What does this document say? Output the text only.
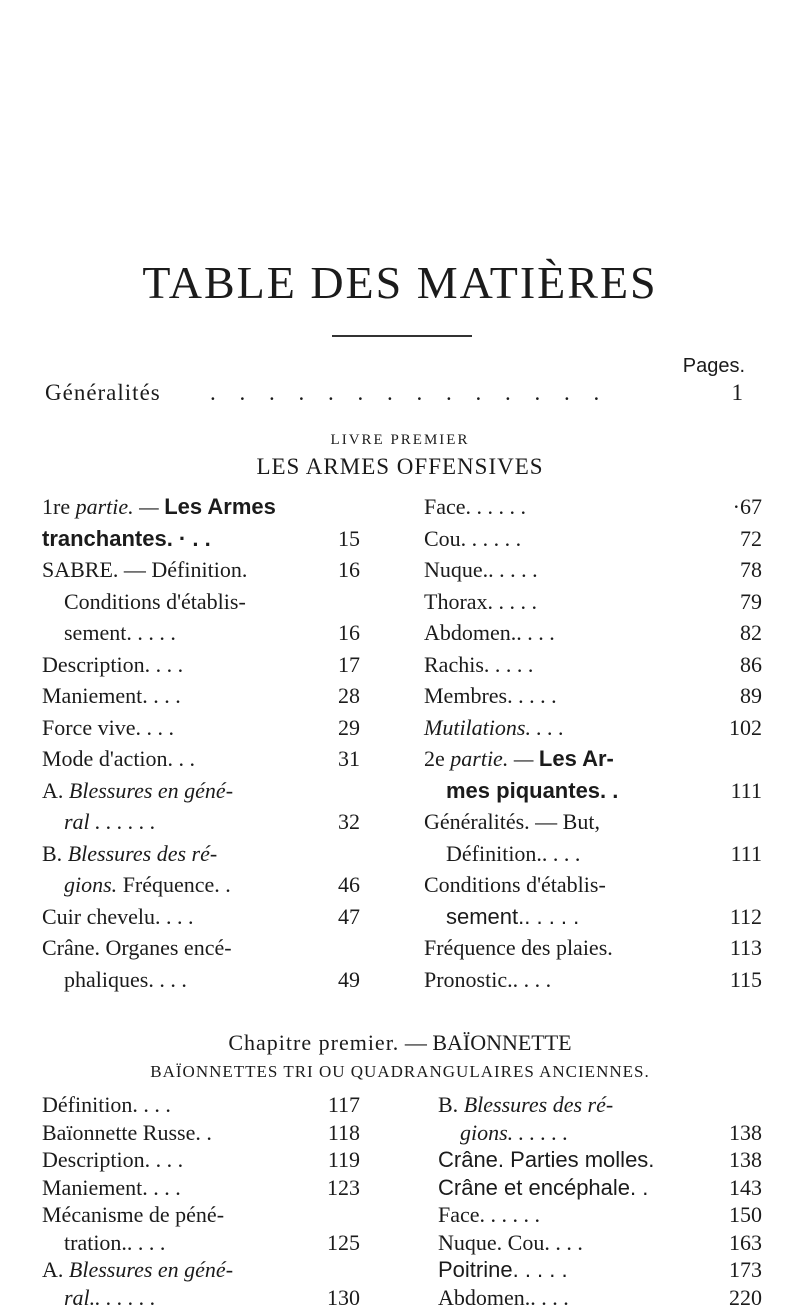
TABLE DES MATIÈRES
Pages.
Généralités . . . . . . . . . . . . . .	1
LIVRE PREMIER
LES ARMES OFFENSIVES
1re partie. — Les Armes
tranchantes. · . .	15
SABRE. — Définition.	16
Conditions d'établis-
sement. . . . .	16
Description. . . .	17
Maniement. . . .	28
Force vive. . . .	29
Mode d'action. . .	31
A. Blessures en géné-
ral . . . . . .	32
B. Blessures des ré-
gions. Fréquence. .	46
Cuir chevelu. . . .	47
Crâne. Organes encé-
phaliques. . . .	49
Face. . . . . .	·67
Cou. . . . . .	72
Nuque.. . . . .	78
Thorax. . . . .	79
Abdomen.. . . .	82
Rachis. . . . .	86
Membres. . . . .	89
Mutilations. . . .	102
2e partie. — Les Ar-
mes piquantes. .	111
Généralités. — But,
Définition.. . . .	111
Conditions d'établis-
sement.. . . . .	112
Fréquence des plaies.	113
Pronostic.. . . .	115
Chapitre premier. — BAÏONNETTE
BAÏONNETTES TRI OU QUADRANGULAIRES ANCIENNES.
Définition. . . .	117
Baïonnette Russe. .	118
Description. . . .	119
Maniement. . . .	123
Mécanisme de péné-
tration.. . . .	125
A. Blessures en géné-
ral.. . . . . .	130
B. Blessures des ré-
gions. . . . . .	138
Crâne. Parties molles.	138
Crâne et encéphale. .	143
Face. . . . . .	150
Nuque. Cou. . . .	163
Poitrine. . . . .	173
Abdomen.. . . .	220
